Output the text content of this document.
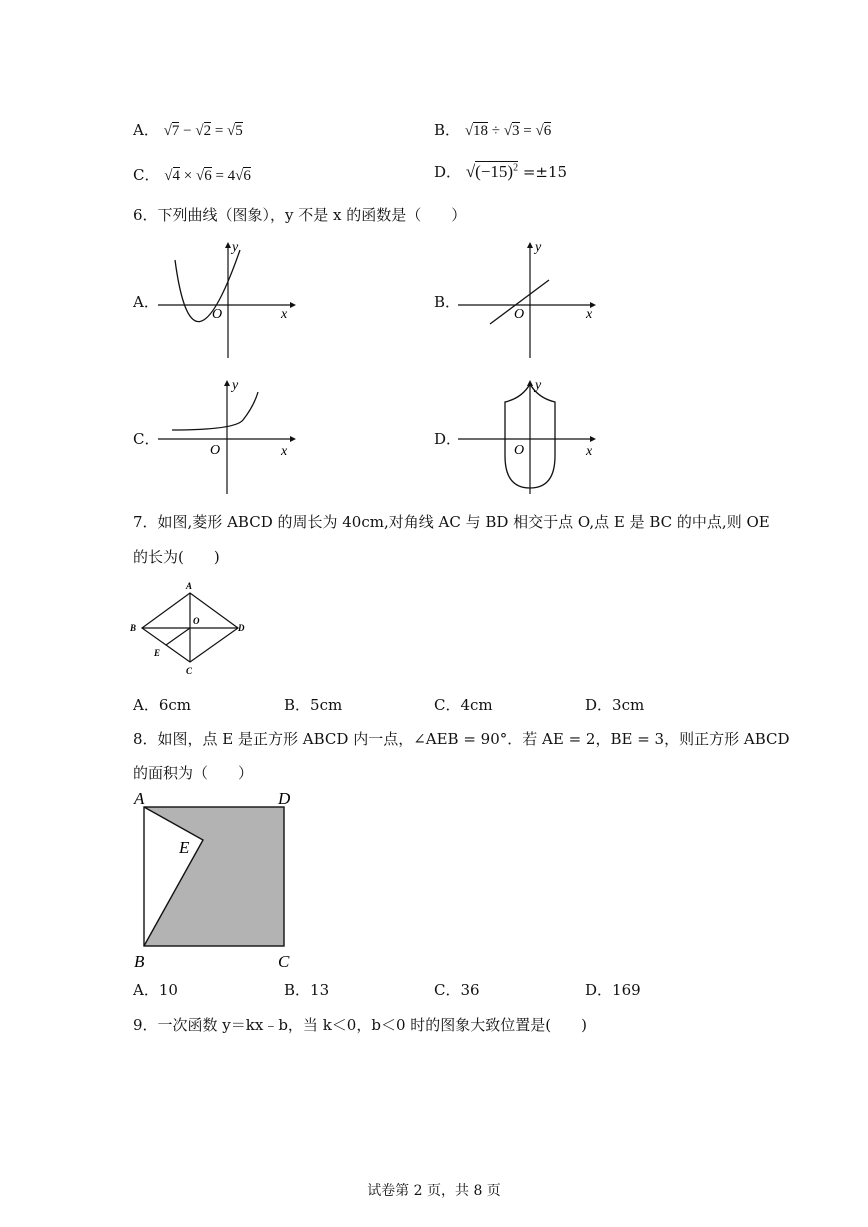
A． √7 − √2 = √5	B． √18 ÷ √3 = √6
C． √4 × √6 = 4√6	D． $√(-15)^2 =\pm 15$
6．下列曲线（图象），y 不是 x 的函数是（　　）
A．
y
x
O
B．
y
x
O
C．
y
x
O
D．
y
x
O
7．如图,菱形 ABCD 的周长为 40cm,对角线 AC 与 BD 相交于点 O,点 E 是 BC 的中点,则 OE
的长为(　　)
A
B	D
C
O
E
A．6cm	B．5cm	C．4cm	D．3cm
8．如图，点 E 是正方形 ABCD 内一点，∠AEB = 90°．若 AE = 2，BE = 3，则正方形 ABCD
的面积为（　　）
A	D
B	C
E
A．10	B．13	C．36	D．169
9．一次函数 y＝kx﹣b，当 k＜0，b＜0 时的图象大致位置是(　　)
试卷第 2 页，共 8 页
